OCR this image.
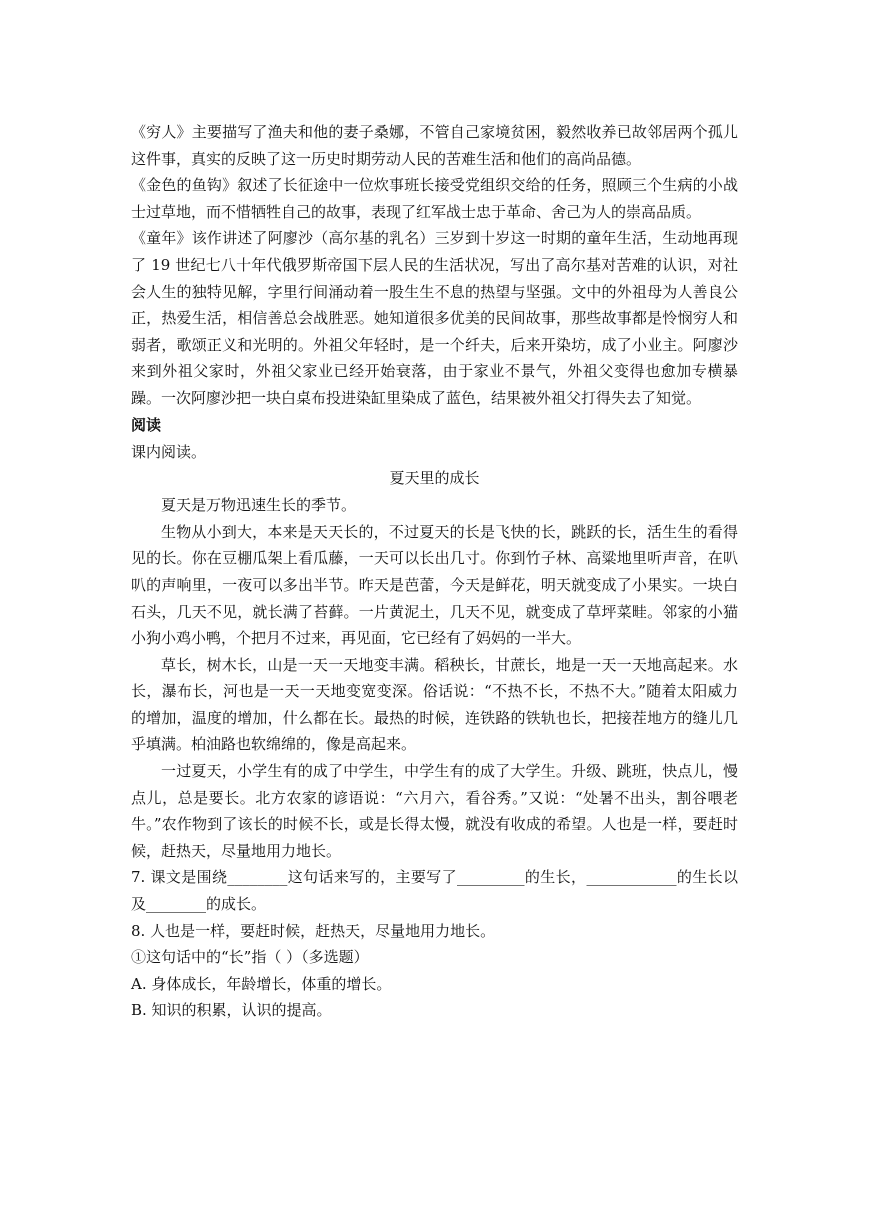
《穷人》主要描写了渔夫和他的妻子桑娜，不管自己家境贫困，毅然收养已故邻居两个孤儿这件事，真实的反映了这一历史时期劳动人民的苦难生活和他们的高尚品德。

《金色的鱼钩》叙述了长征途中一位炊事班长接受党组织交给的任务，照顾三个生病的小战士过草地，而不惜牺牲自己的故事，表现了红军战士忠于革命、舍己为人的崇高品质。

《童年》该作讲述了阿廖沙（高尔基的乳名）三岁到十岁这一时期的童年生活，生动地再现了 19 世纪七八十年代俄罗斯帝国下层人民的生活状况，写出了高尔基对苦难的认识，对社会人生的独特见解，字里行间涌动着一股生生不息的热望与坚强。文中的外祖母为人善良公正，热爱生活，相信善总会战胜恶。她知道很多优美的民间故事，那些故事都是怜悯穷人和弱者，歌颂正义和光明的。外祖父年轻时，是一个纤夫，后来开染坊，成了小业主。阿廖沙来到外祖父家时，外祖父家业已经开始衰落，由于家业不景气，外祖父变得也愈加专横暴躁。一次阿廖沙把一块白桌布投进染缸里染成了蓝色，结果被外祖父打得失去了知觉。

阅读

课内阅读。

夏天里的成长

夏天是万物迅速生长的季节。

生物从小到大，本来是天天长的，不过夏天的长是飞快的长，跳跃的长，活生生的看得见的长。你在豆棚瓜架上看瓜藤，一天可以长出几寸。你到竹子林、高粱地里听声音，在叭叭的声响里，一夜可以多出半节。昨天是芭蕾，今天是鲜花，明天就变成了小果实。一块白石头，几天不见，就长满了苔藓。一片黄泥土，几天不见，就变成了草坪菜畦。邻家的小猫小狗小鸡小鸭，个把月不过来，再见面，它已经有了妈妈的一半大。

草长，树木长，山是一天一天地变丰满。稻秧长，甘蔗长，地是一天一天地高起来。水长，瀑布长，河也是一天一天地变宽变深。俗话说：“不热不长，不热不大。”随着太阳威力的增加，温度的增加，什么都在长。最热的时候，连铁路的铁轨也长，把接茬地方的缝儿几乎填满。柏油路也软绵绵的，像是高起来。

一过夏天，小学生有的成了中学生，中学生有的成了大学生。升级、跳班，快点儿，慢点儿，总是要长。北方农家的谚语说：“六月六，看谷秀。”又说：“处暑不出头，割谷喂老牛。”农作物到了该长的时候不长，或是长得太慢，就没有收成的希望。人也是一样，要赶时候，赶热天，尽量地用力地长。

7. 课文是围绕________这句话来写的，主要写了_________的生长，____________的生长以及________的成长。

8. 人也是一样，要赶时候，赶热天，尽量地用力地长。

①这句话中的“长”指（ ）（多选题）

A. 身体成长，年龄增长，体重的增长。

B. 知识的积累，认识的提高。
